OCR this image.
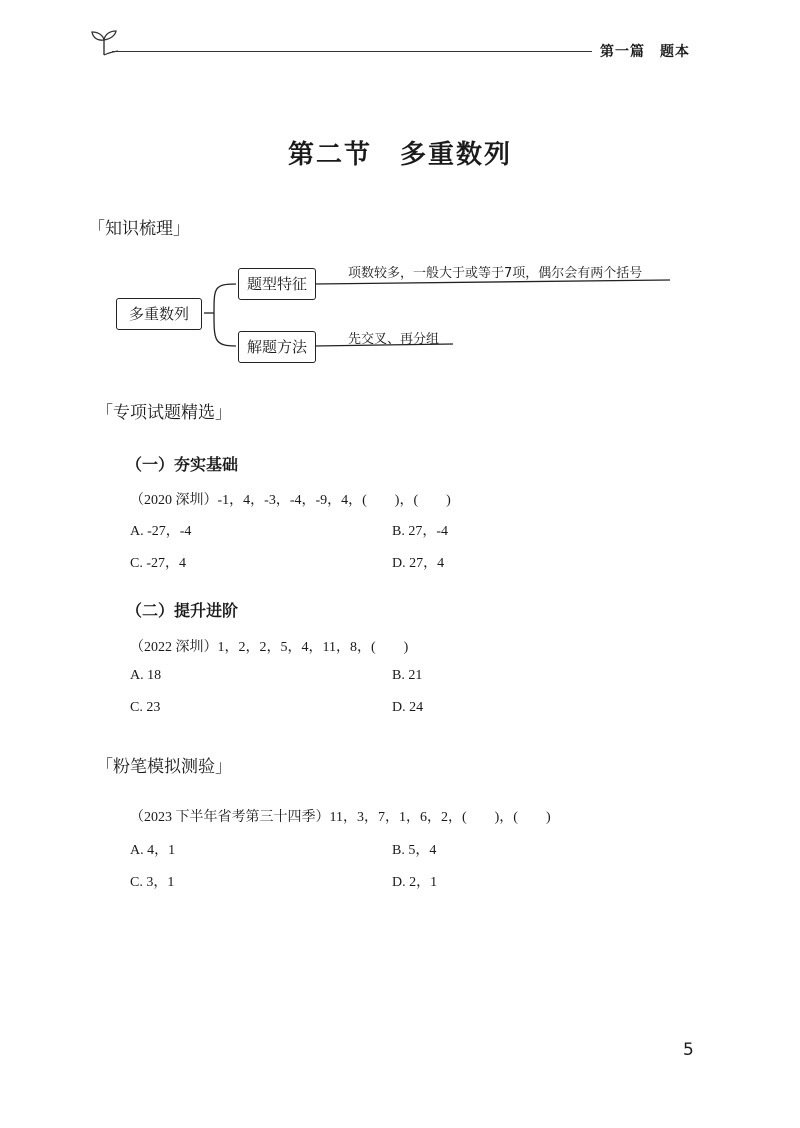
第一篇　题本
第二节　多重数列
「知识梳理」
多重数列
题型特征
解题方法
项数较多，一般大于或等于7项，偶尔会有两个括号
先交叉、再分组
「专项试题精选」
（一）夯实基础
（2020 深圳）-1，4，-3，-4，-9，4，(　　)，(　　)
A. -27，-4	B. 27，-4
C. -27，4	D. 27，4
（二）提升进阶
（2022 深圳）1，2，2，5，4，11，8，(　　)
A. 18	B. 21
C. 23	D. 24
「粉笔模拟测验」
（2023 下半年省考第三十四季）11，3，7，1，6，2，(　　)，(　　)
A. 4，1	B. 5，4
C. 3，1	D. 2，1
5
